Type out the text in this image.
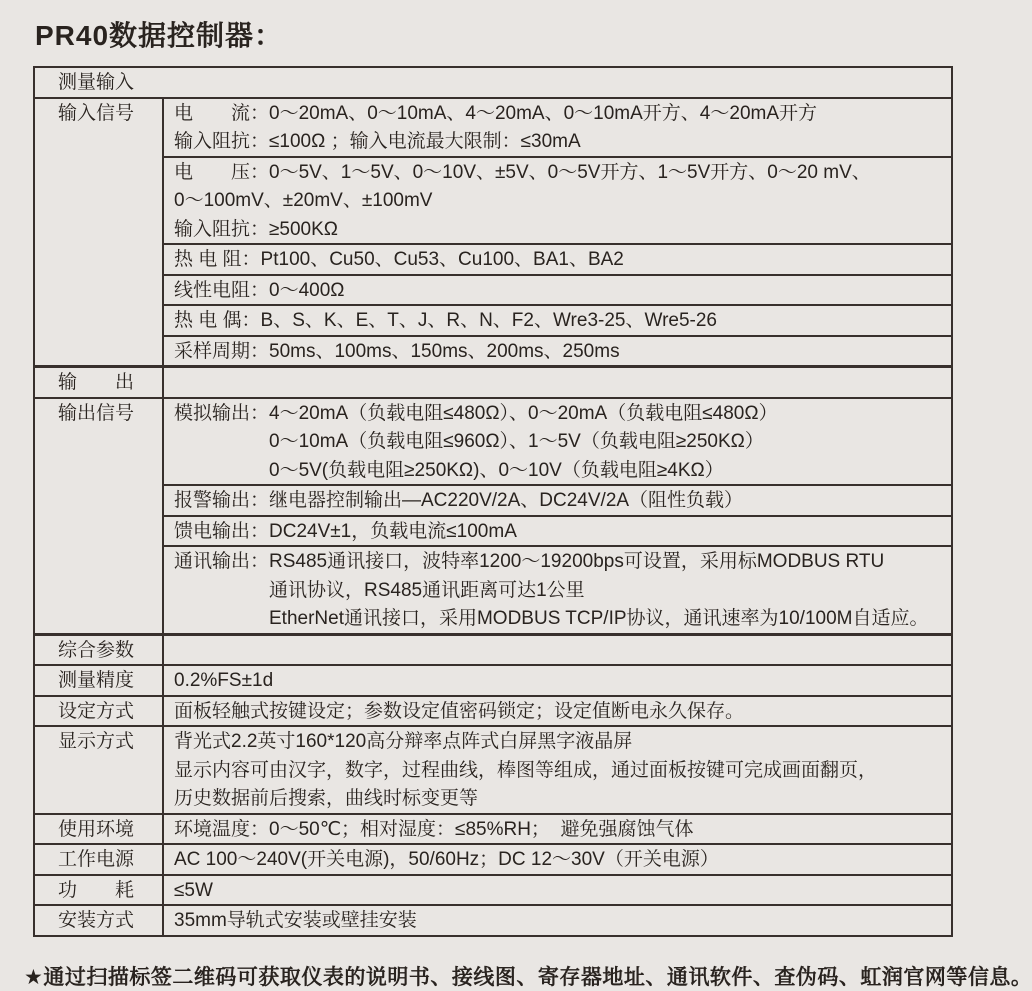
PR40数据控制器：
测量输入
输入信号	电　　流：0～20mA、0～10mA、4～20mA、0～10mA开方、4～20mA开方
输入阻抗：≤100Ω ；输入电流最大限制：≤30mA
电　　压：0～5V、1～5V、0～10V、±5V、0～5V开方、1～5V开方、0～20 mV、
0～100mV、±20mV、±100mV
输入阻抗：≥500KΩ
热 电 阻：Pt100、Cu50、Cu53、Cu100、BA1、BA2
线性电阻：0～400Ω
热 电 偶：B、S、K、E、T、J、R、N、F2、Wre3-25、Wre5-26
采样周期：50ms、100ms、150ms、200ms、250ms
输　　出
输出信号	模拟输出：4～20mA（负载电阻≤480Ω）、0～20mA（负载电阻≤480Ω）
0～10mA（负载电阻≤960Ω）、1～5V（负载电阻≥250KΩ）
0～5V(负载电阻≥250KΩ)、0～10V（负载电阻≥4KΩ）
报警输出：继电器控制输出—AC220V/2A、DC24V/2A（阻性负载）
馈电输出：DC24V±1，负载电流≤100mA
通讯输出：RS485通讯接口，波特率1200～19200bps可设置，采用标MODBUS RTU
通讯协议，RS485通讯距离可达1公里
EtherNet通讯接口，采用MODBUS TCP/IP协议，通讯速率为10/100M自适应。
综合参数
测量精度	0.2%FS±1d
设定方式	面板轻触式按键设定；参数设定值密码锁定；设定值断电永久保存。
显示方式	背光式2.2英寸160*120高分辩率点阵式白屏黑字液晶屏
显示内容可由汉字，数字，过程曲线，棒图等组成，通过面板按键可完成画面翻页，
历史数据前后搜索，曲线时标变更等
使用环境	环境温度：0～50℃；相对湿度：≤85%RH；  避免强腐蚀气体
工作电源	AC 100～240V(开关电源)，50/60Hz；DC 12～30V（开关电源）
功　　耗	≤5W
安装方式	35mm导轨式安装或壁挂安装
★通过扫描标签二维码可获取仪表的说明书、接线图、寄存器地址、通讯软件、查伪码、虹润官网等信息。
